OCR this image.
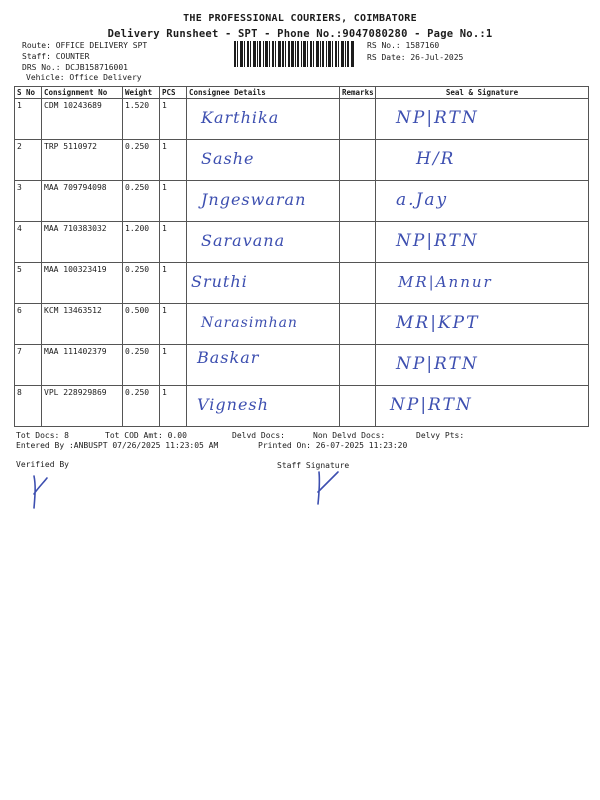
THE PROFESSIONAL COURIERS, COIMBATORE
Delivery Runsheet - SPT - Phone No.:9047080280 - Page No.:1
Route: OFFICE DELIVERY SPT
Staff: COUNTER
DRS No.: DCJB158716001
Vehicle: Office Delivery
RS No.: 1587160
RS Date: 26-Jul-2025
S No	Consignment No	Weight	PCS	Consignee Details	Remarks	Seal & Signature
1	CDM 10243689	1.520	1	Karthika		NP|RTN

2	TRP 5110972	0.250	1	Sashe		H/R

3	MAA 709794098	0.250	1	Jngeswaran		a.Jay

4	MAA 710383032	1.200	1	Saravana		NP|RTN

5	MAA 100323419	0.250	1	Sruthi		MR|Annur

6	KCM 13463512	0.500	1	Narasimhan		MR|KPT

7	MAA 111402379	0.250	1	Baskar		NP|RTN

8	VPL 228929869	0.250	1	Vignesh		NP|RTN
Tot Docs: 8	Tot COD Amt: 0.00	Delvd Docs:	Non Delvd Docs:	Delvy Pts:
Entered By :ANBUSPT 07/26/2025 11:23:05 AM	Printed On: 26-07-2025 11:23:20
Verified By	Staff Signature
